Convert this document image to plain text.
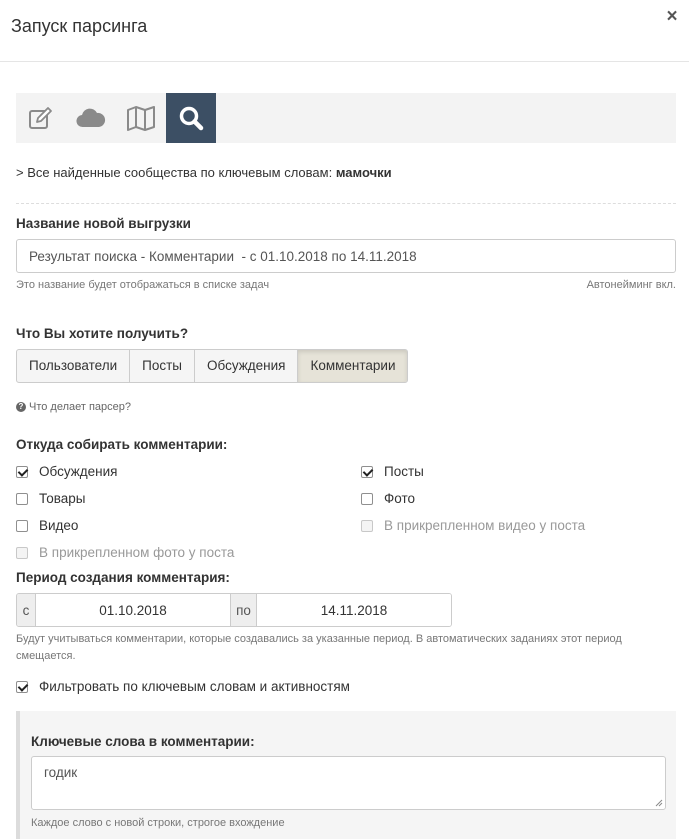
Запуск парсинга	×
> Все найденные сообщества по ключевым словам: мамочки
Название новой выгрузки
Результат поиска - Комментарии - с 01.10.2018 по 14.11.2018
Это название будет отображаться в списке задач	Автонейминг вкл.
Что Вы хотите получить?
Пользователи	Посты	Обсуждения	Комментарии
? Что делает парсер?
Откуда собирать комментарии:
Обсуждения	Посты
Товары	Фото
Видео	В прикрепленном видео у поста
В прикрепленном фото у поста
Период создания комментария:
с	01.10.2018	по	14.11.2018
Будут учитываться комментарии, которые создавались за указанные период. В автоматических заданиях этот период
смещается.
Фильтровать по ключевым словам и активностям
Ключевые слова в комментарии:
годик
Каждое слово с новой строки, строгое вхождение
